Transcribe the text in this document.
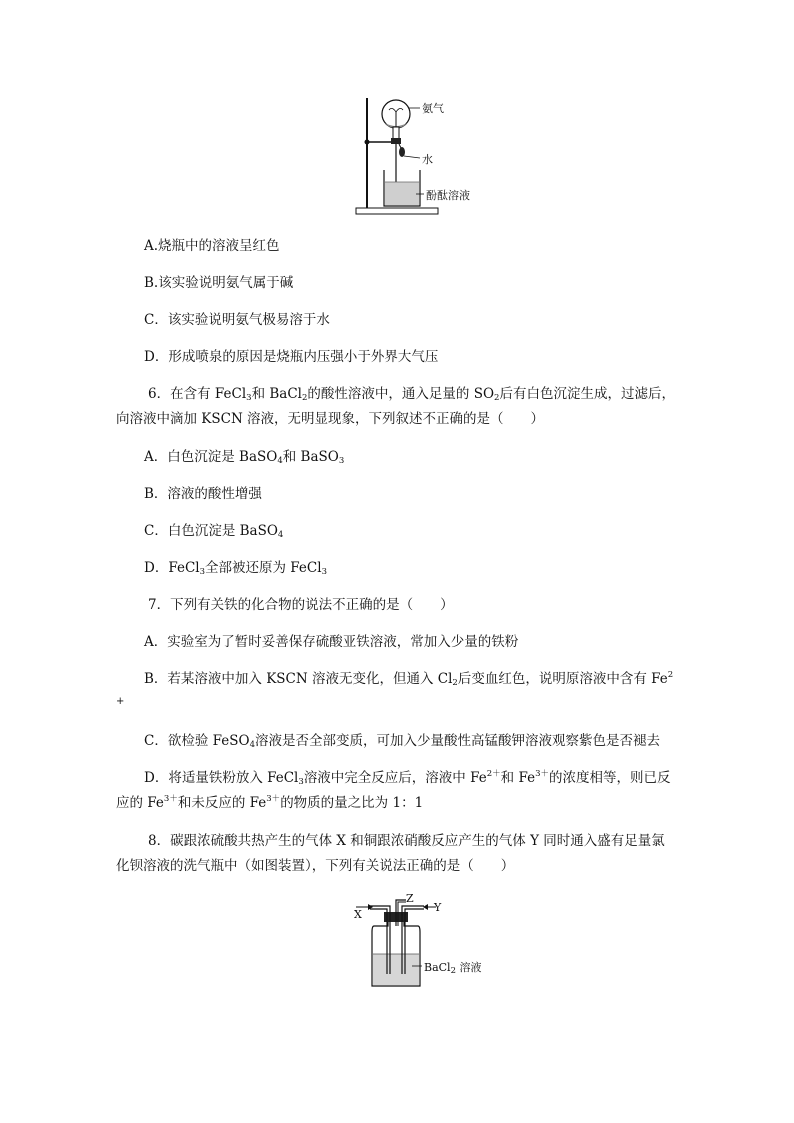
氨气
水
酚酞溶液
A.烧瓶中的溶液呈红色
B.该实验说明氨气属于碱
C．该实验说明氨气极易溶于水
D．形成喷泉的原因是烧瓶内压强小于外界大气压
6．在含有 FeCl$_3$和 BaCl$_2$的酸性溶液中，通入足量的 $SO_2$后有白色沉淀生成，过滤后，
向溶液中滴加 KSCN 溶液，无明显现象，下列叙述不正确的是（　　）
A．白色沉淀是 BaSO$_4$和 BaSO$_3$
B．溶液的酸性增强
C．白色沉淀是 BaSO$_4$
D．FeCl$_3$全部被还原为 FeCl$_3$
7．下列有关铁的化合物的说法不正确的是（　　）
A．实验室为了暂时妥善保存硫酸亚铁溶液，常加入少量的铁粉
B．若某溶液中加入 KSCN 溶液无变化，但通入 $Cl_2$后变血红色，说明原溶液中含有 $Fe^2$
+
C．欲检验 FeSO$_4$溶液是否全部变质，可加入少量酸性高锰酸钾溶液观察紫色是否褪去
D．将适量铁粉放入 FeCl$_3$溶液中完全反应后，溶液中 $Fe^{2+}$和 $Fe^{3+}$的浓度相等，则已反
应的 $Fe^{3+}$和未反应的 $Fe^{3+}$的物质的量之比为 1：1
8．碳跟浓硫酸共热产生的气体 X 和铜跟浓硝酸反应产生的气体 Y 同时通入盛有足量氯
化钡溶液的洗气瓶中（如图装置），下列有关说法正确的是（　　）
X
Y
Z
BaCl$_2$ 溶液
